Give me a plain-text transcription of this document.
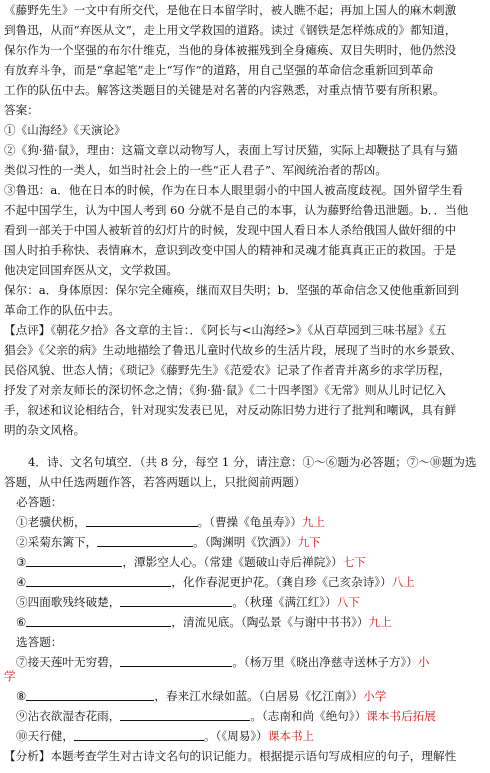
《藤野先生》一文中有所交代，是他在日本留学时，被人瞧不起；再加上国人的麻木刺激
到鲁迅，从而“弃医从文”，走上用文学救国的道路。读过《钢铁是怎样炼成的》都知道，
保尔作为一个坚强的布尔什维克，当他的身体被摧残到全身瘫痪、双目失明时，他仍然没
有放弃斗争，而是“拿起笔”走上“写作”的道路，用自己坚强的革命信念重新回到革命
工作的队伍中去。解答这类题目的关键是对名著的内容熟悉，对重点情节要有所积累。
答案：
①《山海经》《天演论》
②《狗·猫·鼠》，理由：这篇文章以动物写人，表面上写讨厌猫，实际上却鞭挞了具有与猫
类似习性的一类人，如当时社会上的一些“正人君子”、军阀统治者的帮凶。
③鲁迅：a．他在日本的时候，作为在日本人眼里弱小的中国人被高度歧视。国外留学生看
不起中国学生，认为中国人考到 60 分就不是自己的本事，认为藤野给鲁迅泄题。b．．当他
看到一部关于中国人被斩首的幻灯片的时候，发现中国人看日本人杀给俄国人做奸细的中
国人时拍手称快、表情麻木，意识到改变中国人的精神和灵魂才能真真正正的救国。于是
他决定回国弃医从文，文学救国。
保尔：a．身体原因：保尔完全瘫痪，继而双目失明；b．坚强的革命信念又使他重新回到
革命工作的队伍中去。
【点评】《朝花夕拾》各文章的主旨：．《阿长与<山海经>》《从百草园到三味书屋》《五
猖会》《父亲的病》生动地描绘了鲁迅儿童时代故乡的生活片段，展现了当时的水乡景致、
民俗风貌、世态人情；《琐记》《藤野先生》《范爱农》记录了作者青并离乡的求学历程，
抒发了对亲友师长的深切怀念之情；《狗·猫·鼠》《二十四孝图》《无常》则从儿时记忆入
手，叙述和议论相结合，针对现实发表已见，对反动陈旧势力进行了批判和嘲讽，具有鲜
明的杂文风格。
4．诗、文名句填空．（共 8 分，每空 1 分，请注意：①～⑥题为必答题；⑦～⑩题为选
答题，从中任选两题作答，若答两题以上，只批阅前两题）
必答题：
①老骥伏枥，	。（曹操《龟虽寿》）九上
②采菊东篱下，	。（陶渊明《饮酒》）九下
③	，潭影空人心。（常建《题破山寺后禅院》）七下
④	，化作春泥更护花。（龚自珍《己亥杂诗》）八上
⑤四面歌残终破楚，	。（秋瑾《满江红》）八下
⑥	，清流见底。（陶弘景《与谢中书书》）九上
选答题：
⑦接天莲叶无穷碧，	。（杨万里《晓出净慈寺送林子方》）小
学
⑧	，春来江水绿如蓝。（白居易《忆江南》）小学
⑨沾衣欲湿杏花雨，	。（志南和尚《绝句》）课本书后拓展
⑩天行健，	。（《周易》）课本书上
【分析】本题考查学生对古诗文名句的识记能力。根据提示语句写成相应的句子，理解性
